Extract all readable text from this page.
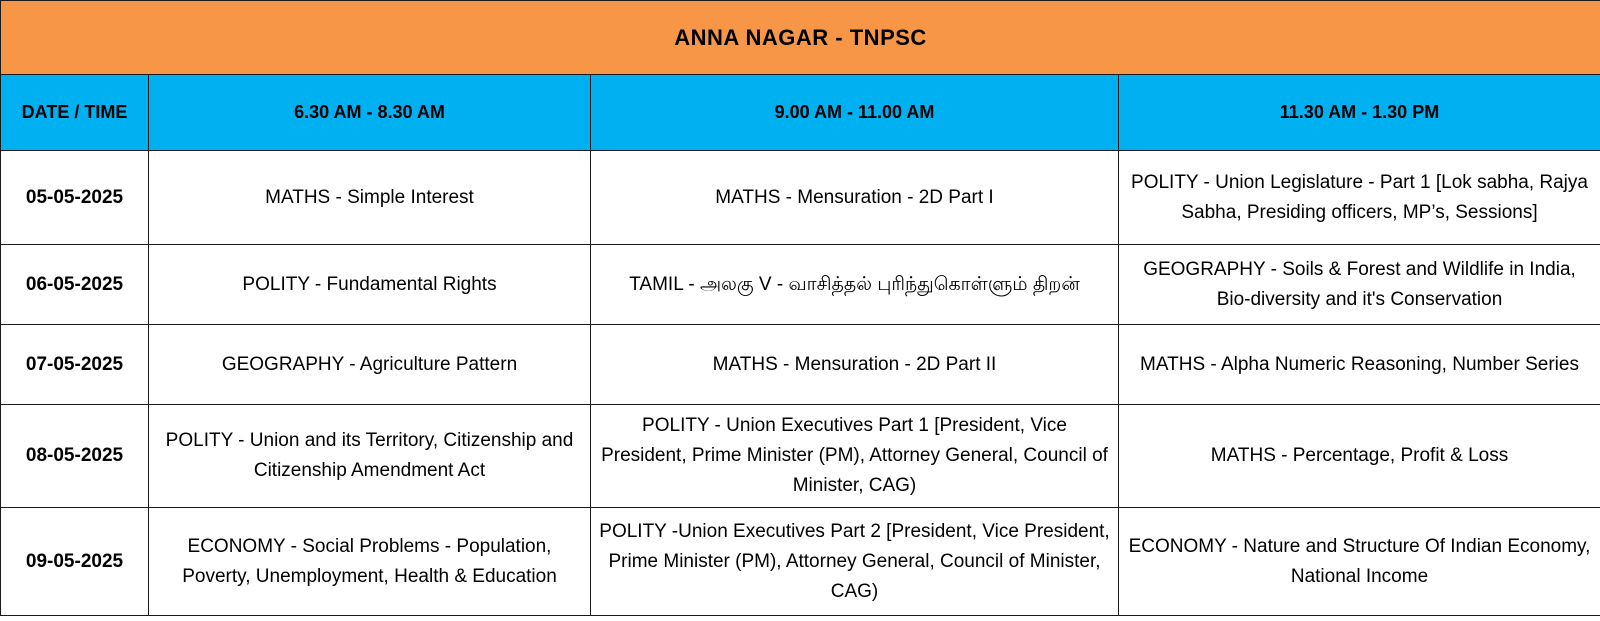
ANNA NAGAR - TNPSC			
DATE / TIME	6.30 AM - 8.30 AM	9.00 AM - 11.00 AM	11.30 AM - 1.30 PM
05-05-2025	MATHS - Simple Interest	MATHS - Mensuration - 2D Part I	POLITY - Union Legislature - Part 1 [Lok sabha, Rajya Sabha, Presiding officers, MP’s, Sessions]
06-05-2025	POLITY - Fundamental Rights	TAMIL - அலகு V - வாசித்தல் புரிந்துகொள்ளும் திறன்	GEOGRAPHY - Soils & Forest and Wildlife in India, Bio-diversity and it's Conservation
07-05-2025	GEOGRAPHY - Agriculture Pattern	MATHS - Mensuration - 2D Part II	MATHS - Alpha Numeric Reasoning, Number Series
08-05-2025	POLITY - Union and its Territory, Citizenship and Citizenship Amendment Act	POLITY - Union Executives Part 1 [President, Vice President, Prime Minister (PM), Attorney General, Council of Minister, CAG)	MATHS - Percentage, Profit & Loss
09-05-2025	ECONOMY - Social Problems - Population, Poverty, Unemployment, Health & Education	POLITY -Union Executives Part 2 [President, Vice President, Prime Minister (PM), Attorney General, Council of Minister, CAG)	ECONOMY - Nature and Structure Of Indian Economy, National Income
